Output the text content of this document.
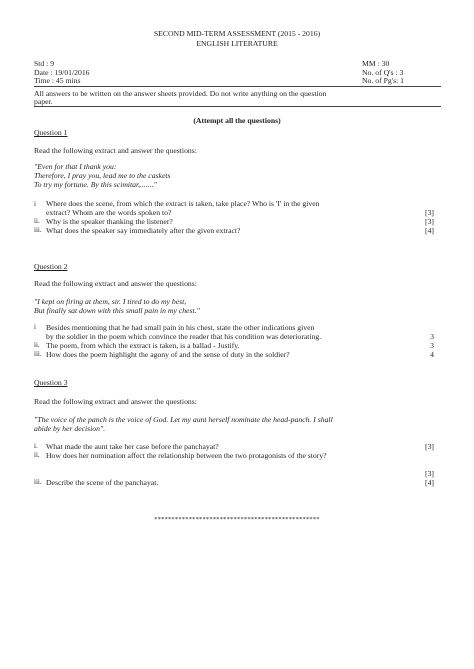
SECOND MID-TERM ASSESSMENT (2015 - 2016)
ENGLISH LITERATURE
Std : 9
Date : 19/01/2016
Time : 45 mins
MM : 30
No. of Q's : 3
No. of Pg's: 1
All answers to be written on the answer sheets provided. Do not write anything on the question
paper.
(Attempt all the questions)
Question 1
Read the following extract and answer the questions:
"Even for that I thank you:
Therefore, I pray you, lead me to the caskets
To try my fortune. By this scimitar,......."
i Where does the scene, from which the extract is taken, take place? Who is 'I' in the given
extract? Whom are the words spoken to?	[3]
ii. Why is the speaker thanking the listener?	[3]
iii. What does the speaker say immediately after the given extract?	[4]
Question 2
Read the following extract and answer the questions:
"I kept on firing at them, sir. I tired to do my best,
But finally sat down with this small pain in my chest."
i Besides mentioning that he had small pain in his chest, state the other indications given
by the soldier in the poem which convince the reader that his condition was deteriorating.	3
ii. The poem, from which the extract is taken, is a ballad - Justify.	3
iii. How does the poem highlight the agony of and the sense of duty in the soldier?	4
Question 3
Read the following extract and answer the questions:
"The voice of the panch is the voice of God. Let my aunt herself nominate the head-panch. I shall
abide by her decision".
i. What made the aunt take her case before the panchayat?	[3]
ii. How does her nomination affect the relationship between the two protagonists of the story?
[3]
iii. Describe the scene of the panchayat.	[4]
************************************************
